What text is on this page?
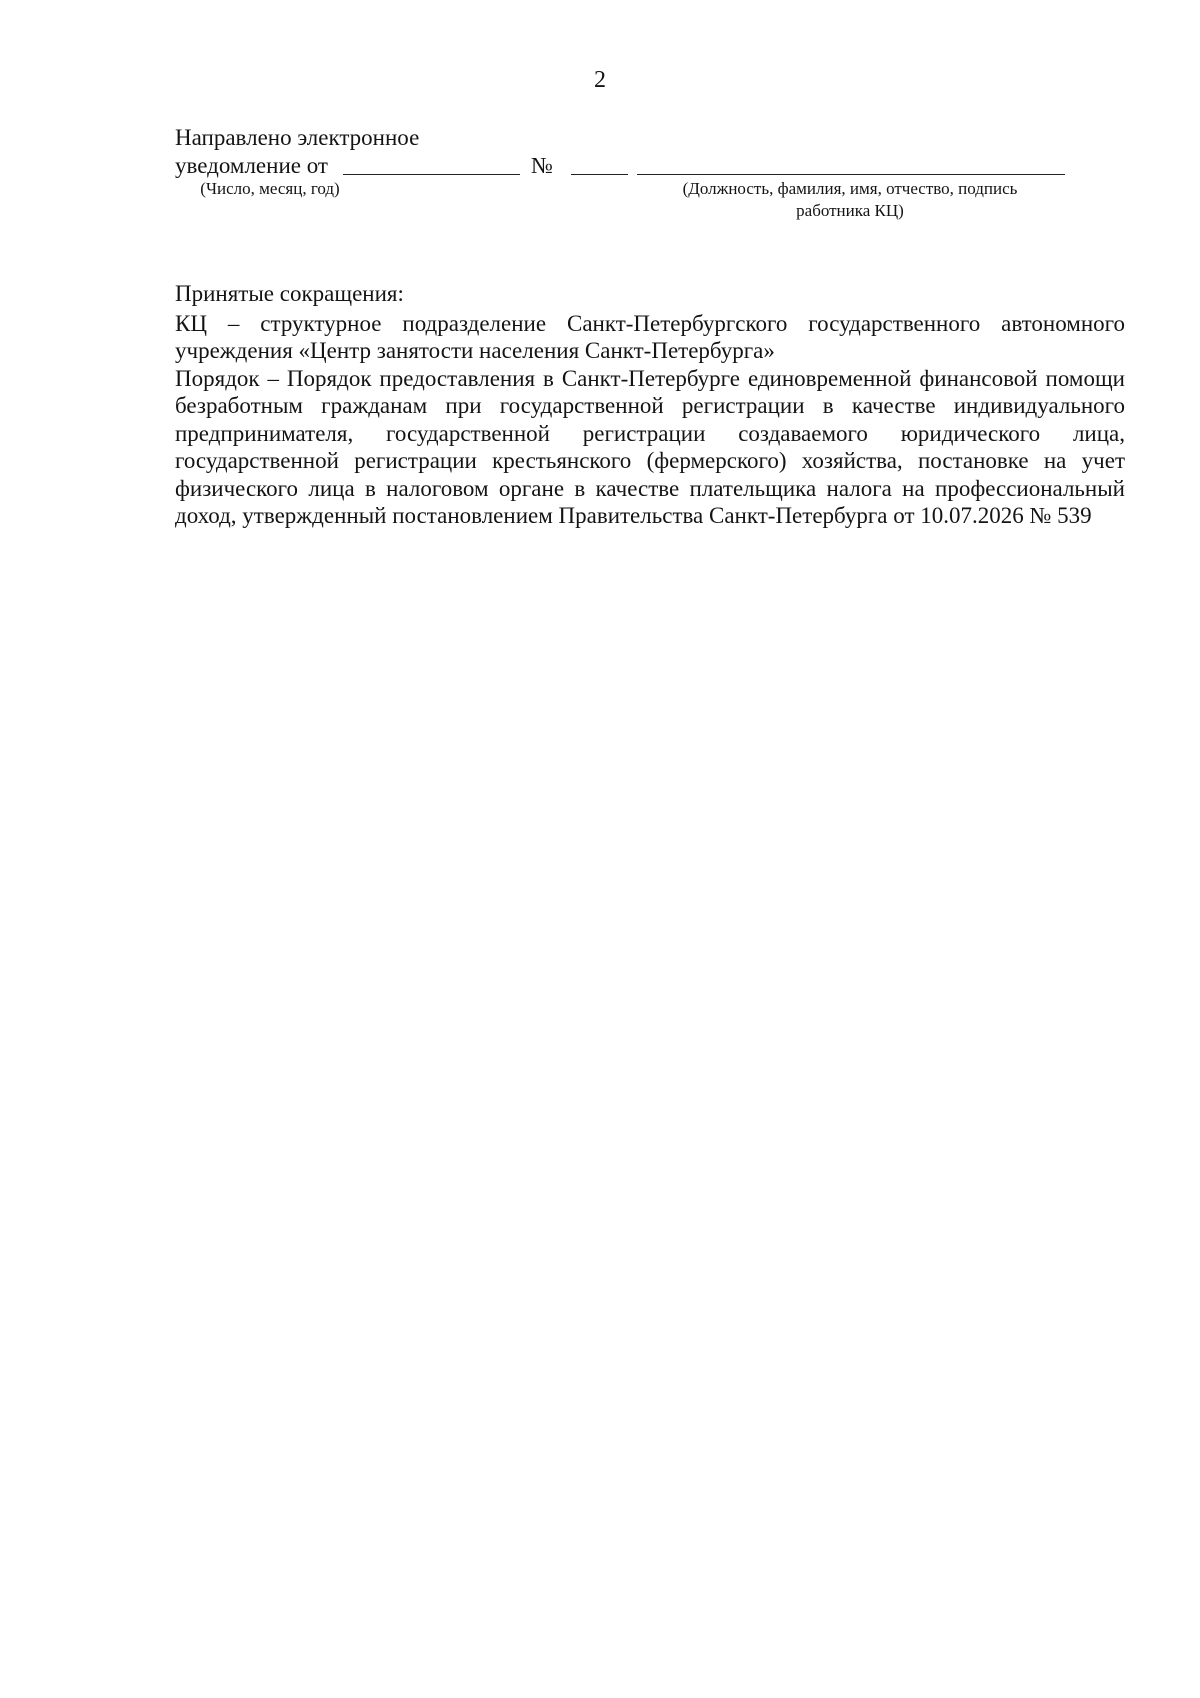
2
Направлено электронное
уведомление от	№
(Число, месяц, год)	(Должность, фамилия, имя, отчество, подпись работника КЦ)

Принятые сокращения:

КЦ – структурное подразделение Санкт-Петербургского государственного автономного учреждения «Центр занятости населения Санкт-Петербурга»

Порядок – Порядок предоставления в Санкт-Петербурге единовременной финансовой помощи безработным гражданам при государственной регистрации в качестве индивидуального предпринимателя, государственной регистрации создаваемого юридического лица, государственной регистрации крестьянского (фермерского) хозяйства, постановке на учет физического лица в налоговом органе в качестве плательщика налога на профессиональный доход, утвержденный постановлением Правительства Санкт-Петербурга от 10.07.2026 № 539
